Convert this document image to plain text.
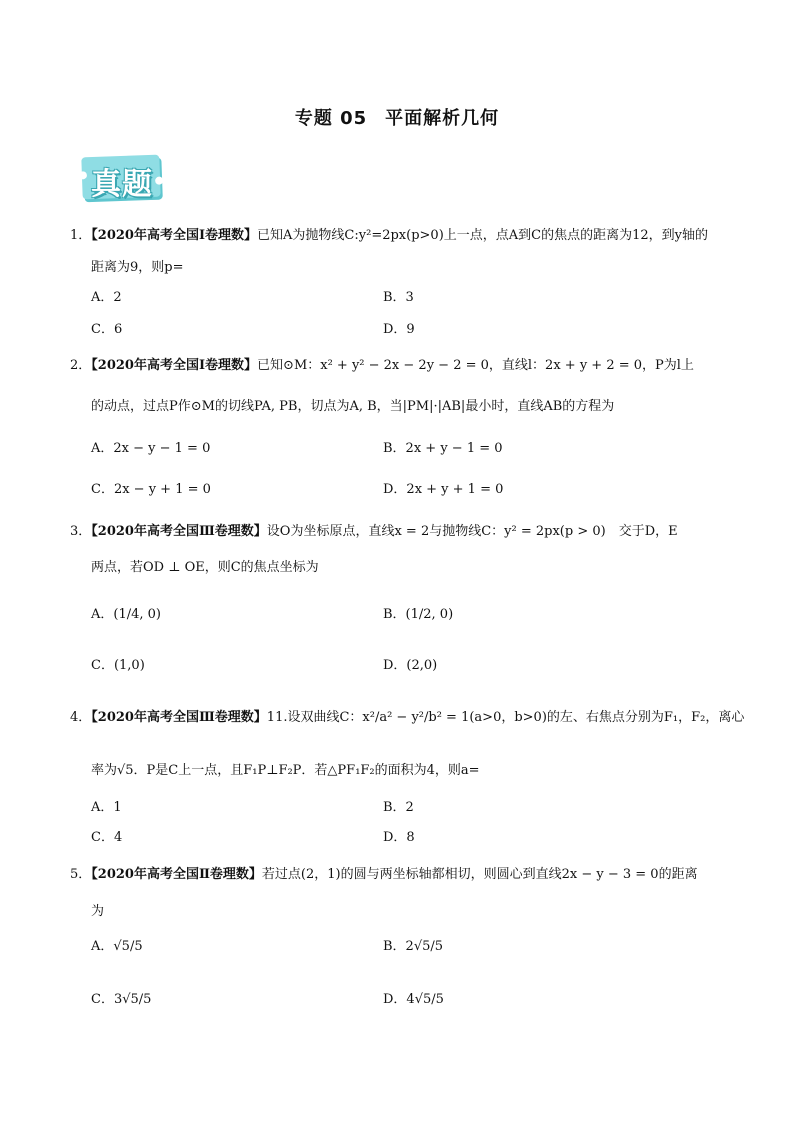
专题 05 平面解析几何
真题
1．【2020年高考全国Ⅰ卷理数】已知A为抛物线C:y²=2px(p>0)上一点，点A到C的焦点的距离为12，到y轴的
距离为9，则p=
A．2	B．3
C．6	D．9
2．【2020年高考全国Ⅰ卷理数】已知⊙M：x² + y² − 2x − 2y − 2 = 0，直线l：2x + y + 2 = 0，P为l上
的动点，过点P作⊙M的切线PA, PB，切点为A, B，当|PM|·|AB|最小时，直线AB的方程为
A．2x − y − 1 = 0	B．2x + y − 1 = 0
C．2x − y + 1 = 0	D．2x + y + 1 = 0
3．【2020年高考全国Ⅲ卷理数】设O为坐标原点，直线x = 2与抛物线C：y² = 2px(p > 0)　交于D，E
两点，若OD ⊥ OE，则C的焦点坐标为
A．(1/4, 0)	B．(1/2, 0)
C．(1,0)	D．(2,0)
4．【2020年高考全国Ⅲ卷理数】11.设双曲线C：x²/a² − y²/b² = 1(a>0，b>0)的左、右焦点分别为F₁，F₂，离心
率为√5．P是C上一点，且F₁P⊥F₂P．若△PF₁F₂的面积为4，则a=
A．1	B．2
C．4	D．8
5．【2020年高考全国Ⅱ卷理数】若过点(2，1)的圆与两坐标轴都相切，则圆心到直线2x − y − 3 = 0的距离
为
A．√5/5	B．2√5/5
C．3√5/5	D．4√5/5
